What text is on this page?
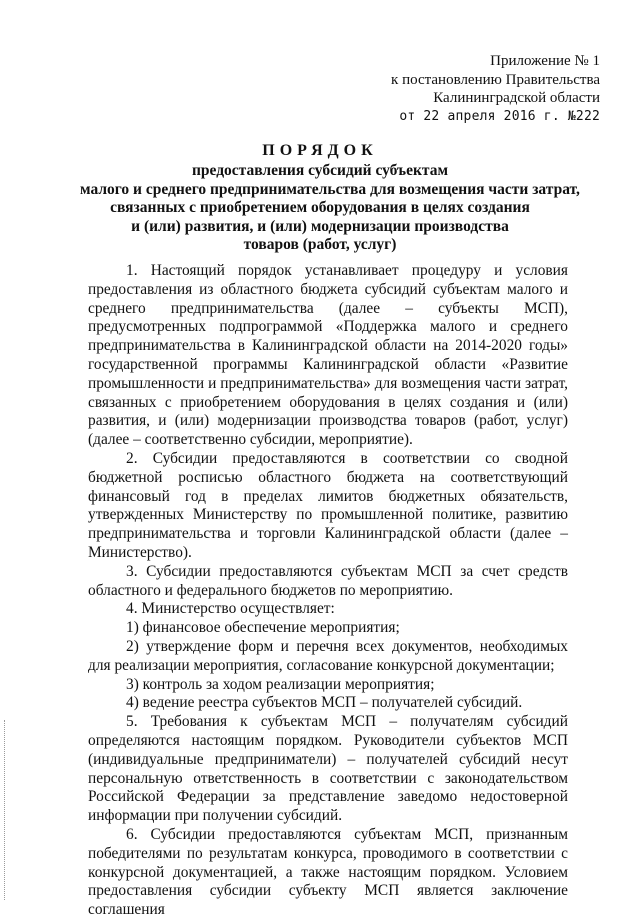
Приложение № 1
к постановлению Правительства
Калининградской области
от 22 апреля 2016 г. №222
ПОРЯДОК
предоставления субсидий субъектам
малого и среднего предпринимательства для возмещения части затрат,
связанных с приобретением оборудования в целях создания
и (или) развития, и (или) модернизации производства
товаров (работ, услуг)

1. Настоящий порядок устанавливает процедуру и условия предоставления из областного бюджета субсидий субъектам малого и среднего предпринимательства (далее – субъекты МСП), предусмотренных подпрограммой «Поддержка малого и среднего предпринимательства в Калининградской области на 2014-2020 годы» государственной программы Калининградской области «Развитие промышленности и предпринимательства» для возмещения части затрат, связанных с приобретением оборудования в целях создания и (или) развития, и (или) модернизации производства товаров (работ, услуг) (далее – соответственно субсидии, мероприятие).

2. Субсидии предоставляются в соответствии со сводной бюджетной росписью областного бюджета на соответствующий финансовый год в пределах лимитов бюджетных обязательств, утвержденных Министерству по промышленной политике, развитию предпринимательства и торговли Калининградской области (далее – Министерство).

3. Субсидии предоставляются субъектам МСП за счет средств областного и федерального бюджетов по мероприятию.

4. Министерство осуществляет:

1) финансовое обеспечение мероприятия;

2) утверждение форм и перечня всех документов, необходимых для реализации мероприятия, согласование конкурсной документации;

3) контроль за ходом реализации мероприятия;

4) ведение реестра субъектов МСП – получателей субсидий.

5. Требования к субъектам МСП – получателям субсидий определяются настоящим порядком. Руководители субъектов МСП (индивидуальные предприниматели) – получателей субсидий несут персональную ответственность в соответствии с законодательством Российской Федерации за представление заведомо недостоверной информации при получении субсидий.

6. Субсидии предоставляются субъектам МСП, признанным победителями по результатам конкурса, проводимого в соответствии с конкурсной документацией, а также настоящим порядком. Условием предоставления субсидии субъекту МСП является заключение соглашения
